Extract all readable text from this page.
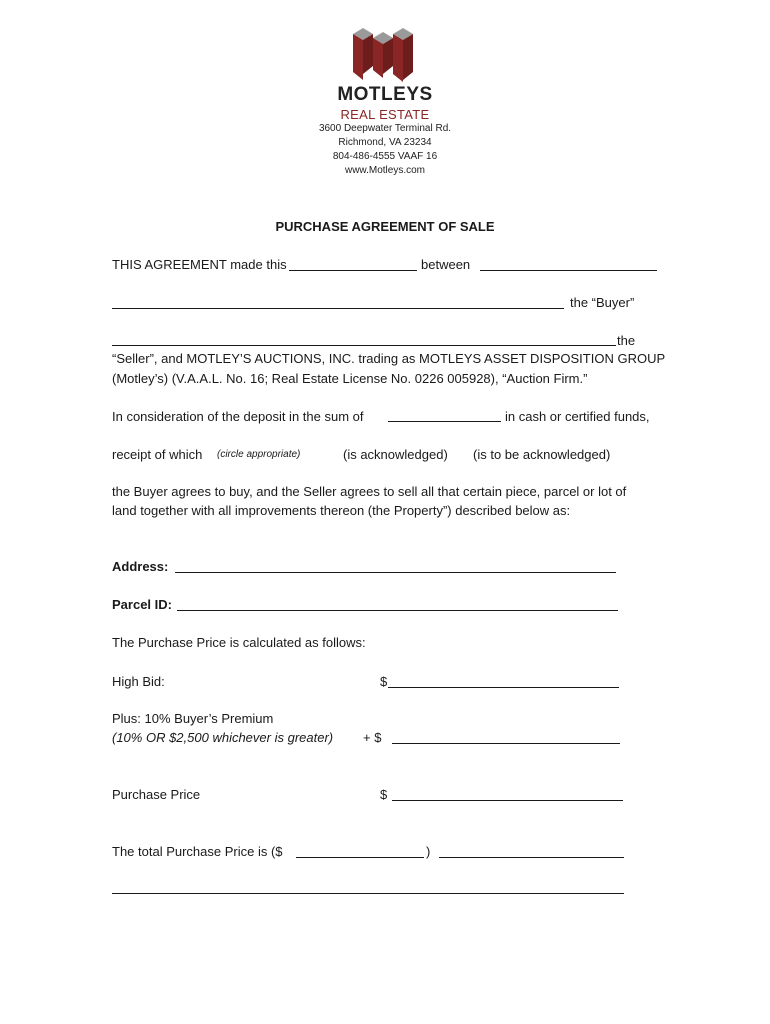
MOTLEYS
REAL ESTATE
3600 Deepwater Terminal Rd.
Richmond, VA 23234
804-486-4555 VAAF 16
www.Motleys.com
PURCHASE AGREEMENT OF SALE
THIS AGREEMENT made this	between
the “Buyer”
the
“Seller”, and MOTLEY’S AUCTIONS, INC. trading as MOTLEYS ASSET DISPOSITION GROUP
(Motley’s) (V.A.A.L. No. 16; Real Estate License No. 0226 005928), “Auction Firm.”
In consideration of the deposit in the sum of	in cash or certified funds,
receipt of which (circle appropriate)	(is acknowledged) (is to be acknowledged)
the Buyer agrees to buy, and the Seller agrees to sell all that certain piece, parcel or lot of
land together with all improvements thereon (the Property”) described below as:
Address:
Parcel ID:
The Purchase Price is calculated as follows:
High Bid:	$
Plus: 10% Buyer’s Premium
(10% OR $2,500 whichever is greater) + $
Purchase Price	$
The total Purchase Price is ($	)
